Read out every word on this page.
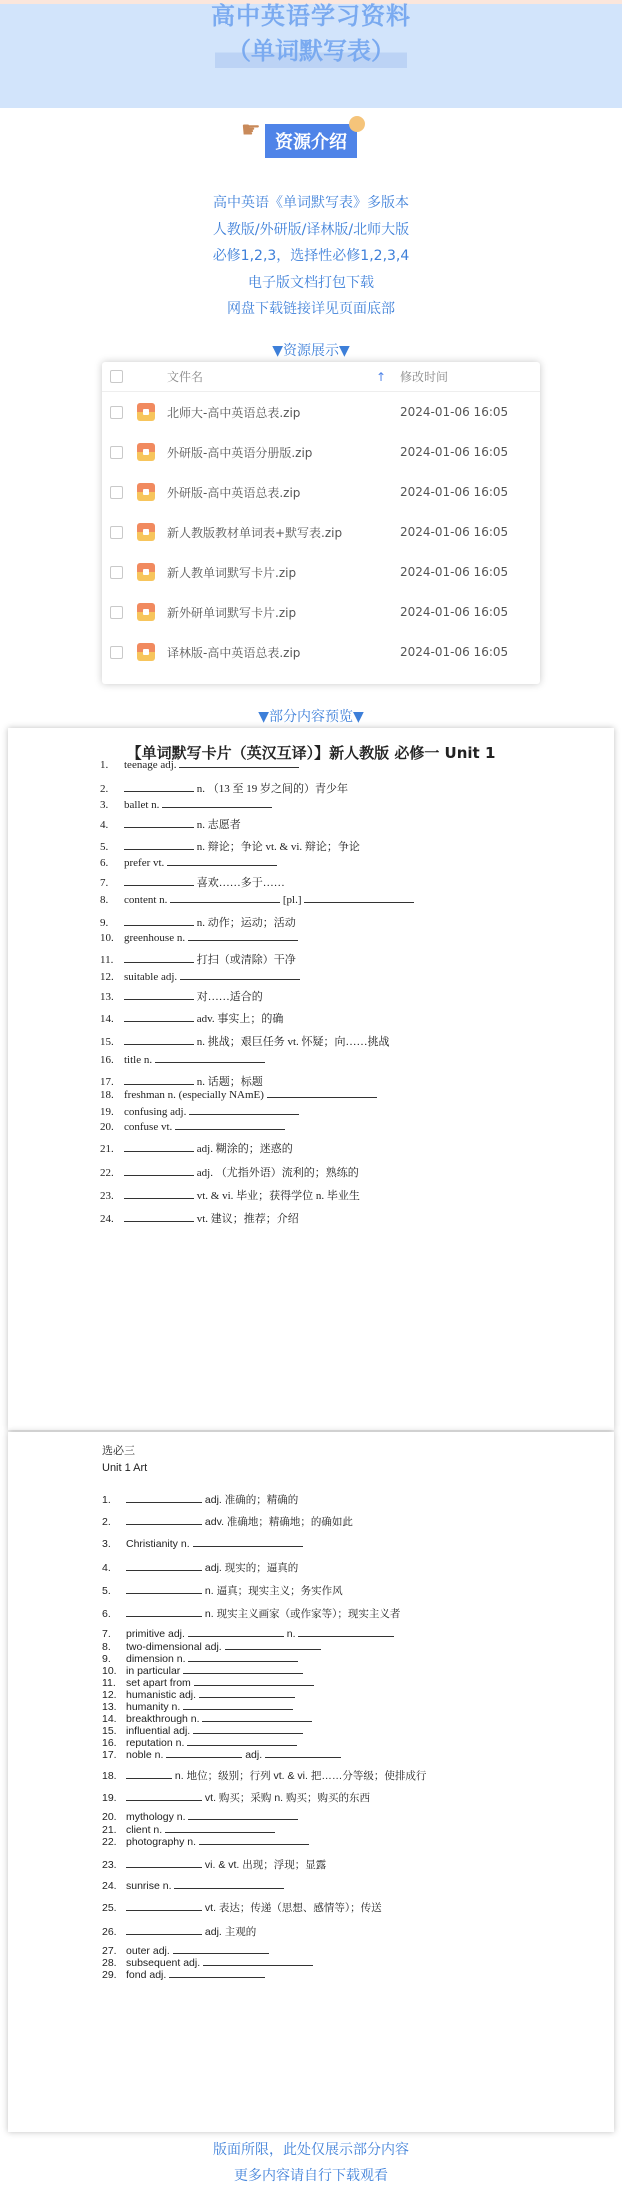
高中英语学习资料
（单词默写表）
☛ 资源介绍
高中英语《单词默写表》多版本
人教版/外研版/译林版/北师大版
必修1,2,3，选择性必修1,2,3,4
电子版文档打包下载
网盘下载链接详见页面底部
▼资源展示▼
文件名	↑ 修改时间
北师大-高中英语总表.zip	2024-01-06 16:05
外研版-高中英语分册版.zip	2024-01-06 16:05
外研版-高中英语总表.zip	2024-01-06 16:05
新人教版教材单词表+默写表.zip	2024-01-06 16:05
新人教单词默写卡片.zip	2024-01-06 16:05
新外研单词默写卡片.zip	2024-01-06 16:05
译林版-高中英语总表.zip	2024-01-06 16:05
▼部分内容预览▼
【单词默写卡片（英汉互译）】新人教版 必修一 Unit 1
1. teenage adj.
2.	n. （13 至 19 岁之间的）青少年
3. ballet n.
4.	n. 志愿者
5.	n. 辩论；争论 vt. & vi. 辩论；争论
6. prefer vt.
7.	喜欢……多于……
8. content n.	[pl.]
9.	n. 动作；运动；活动
10. greenhouse n.
11.	打扫（或清除）干净
12. suitable adj.
13.	对……适合的
14.	adv. 事实上；的确
15.	n. 挑战；艰巨任务 vt. 怀疑；向……挑战
16. title n.
17.	n. 话题；标题
18. freshman n. (especially NAmE)
19. confusing adj.
20. confuse vt.
21.	adj. 糊涂的；迷惑的
22.	adj. （尤指外语）流利的；熟练的
23.	vt. & vi. 毕业；获得学位 n. 毕业生
24.	vt. 建议；推荐；介绍
选必三
Unit 1 Art
1.	adj. 准确的；精确的
2.	adv. 准确地；精确地；的确如此
3. Christianity n.
4.	adj. 现实的；逼真的
5.	n. 逼真；现实主义；务实作风
6.	n. 现实主义画家（或作家等）；现实主义者
7. primitive adj.	n.
8. two-dimensional adj.
9. dimension n.
10. in particular
11. set apart from
12. humanistic adj.
13. humanity n.
14. breakthrough n.
15. influential adj.
16. reputation n.
17. noble n.	adj.
18.	n. 地位；级别；行列 vt. & vi. 把……分等级；使排成行
19.	vt. 购买；采购 n. 购买；购买的东西
20. mythology n.
21. client n.
22. photography n.
23.	vi. & vt. 出现；浮现；显露
24. sunrise n.
25.	vt. 表达；传递（思想、感情等）；传送
26.	adj. 主观的
27. outer adj.
28. subsequent adj.
29. fond adj.
版面所限，此处仅展示部分内容
更多内容请自行下载观看
